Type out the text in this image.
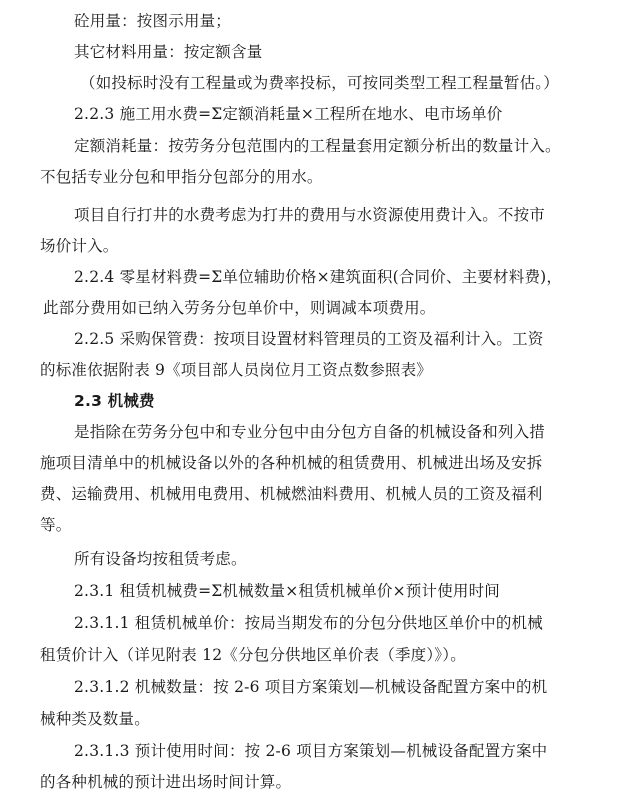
砼用量：按图示用量；
其它材料用量：按定额含量
（如投标时没有工程量或为费率投标，可按同类型工程工程量暂估。）
2.2.3 施工用水费=Σ定额消耗量×工程所在地水、电市场单价
定额消耗量：按劳务分包范围内的工程量套用定额分析出的数量计入。
不包括专业分包和甲指分包部分的用水。
项目自行打井的水费考虑为打井的费用与水资源使用费计入。不按市
场价计入。
2.2.4 零星材料费=Σ单位辅助价格×建筑面积(合同价、主要材料费)，
此部分费用如已纳入劳务分包单价中，则调减本项费用。
2.2.5 采购保管费：按项目设置材料管理员的工资及福利计入。工资
的标准依据附表 9《项目部人员岗位月工资点数参照表》
2.3 机械费
是指除在劳务分包中和专业分包中由分包方自备的机械设备和列入措
施项目清单中的机械设备以外的各种机械的租赁费用、机械进出场及安拆
费、运输费用、机械用电费用、机械燃油料费用、机械人员的工资及福利
等。
所有设备均按租赁考虑。
2.3.1 租赁机械费=Σ机械数量×租赁机械单价×预计使用时间
2.3.1.1 租赁机械单价：按局当期发布的分包分供地区单价中的机械
租赁价计入（详见附表 12《分包分供地区单价表（季度）》）。
2.3.1.2 机械数量：按 2-6 项目方案策划—机械设备配置方案中的机
械种类及数量。
2.3.1.3 预计使用时间：按 2-6 项目方案策划—机械设备配置方案中
的各种机械的预计进出场时间计算。
